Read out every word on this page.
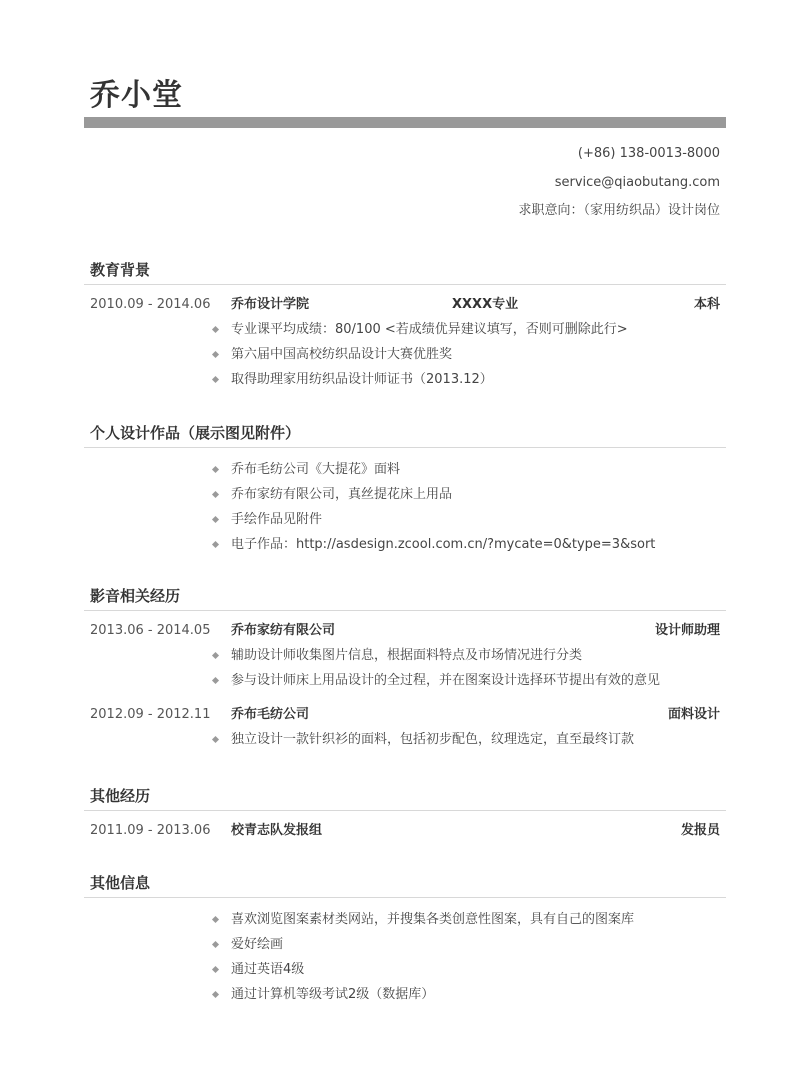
乔小堂
(+86) 138-0013-8000
service@qiaobutang.com
求职意向：（家用纺织品）设计岗位
教育背景
2010.09 - 2014.06 乔布设计学院	XXXX专业	本科
专业课平均成绩：80/100 <若成绩优异建议填写，否则可删除此行>
第六届中国高校纺织品设计大赛优胜奖
取得助理家用纺织品设计师证书（2013.12）
个人设计作品（展示图见附件）
乔布毛纺公司《大提花》面料
乔布家纺有限公司，真丝提花床上用品
手绘作品见附件
电子作品：http://asdesign.zcool.com.cn/?mycate=0&type=3&sort
影音相关经历
2013.06 - 2014.05 乔布家纺有限公司	设计师助理
辅助设计师收集图片信息，根据面料特点及市场情况进行分类
参与设计师床上用品设计的全过程，并在图案设计选择环节提出有效的意见
2012.09 - 2012.11 乔布毛纺公司	面料设计
独立设计一款针织衫的面料，包括初步配色，纹理选定，直至最终订款
其他经历
2011.09 - 2013.06 校青志队发报组	发报员
其他信息
喜欢浏览图案素材类网站，并搜集各类创意性图案，具有自己的图案库
爱好绘画
通过英语4级
通过计算机等级考试2级（数据库）
